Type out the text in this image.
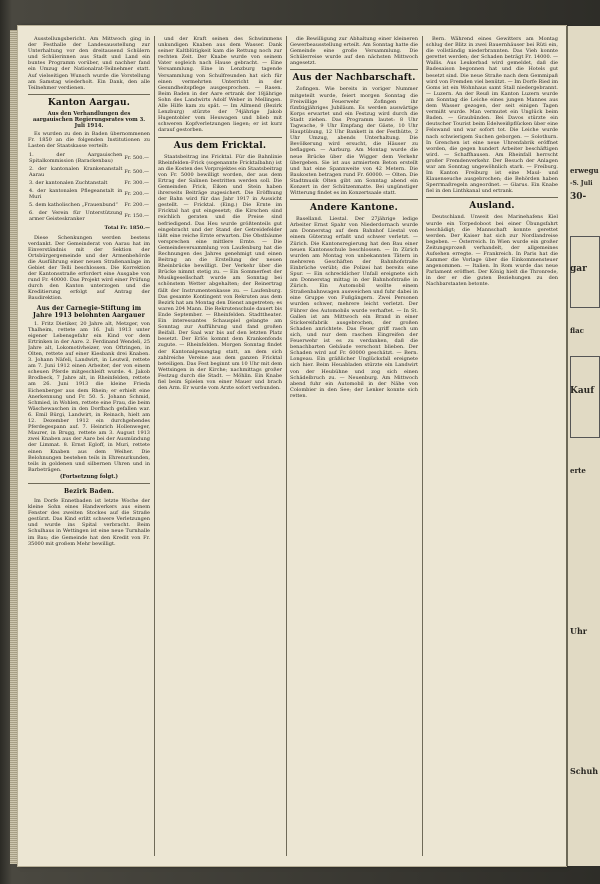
Ausstellungsbericht. Am Mittwoch ging in der Festhalle der Landesausstellung zur Unterhaltung vor den dreitausend Schülern und Schülerinnen aus Stadt und Land ein buntes Programm vorüber, und nachher fand ein Umzug der Nationalrat-Teilnehmer statt. Auf vielseitigen Wunsch wurde die Vorstellung am Samstag wiederholt. Ein Dank, den alle Teilnehmer verdienen.
Kanton Aargau.
Aus den Verhandlungen des aargauischen Regierungsrates vom 3. Juli 1914.
Es wurden zu den in Baden übernommenen Fr. 1850 an die folgenden Institutionen zu Lasten der Staatskasse verteilt:
1. der Aargauischen Spitalkommission (Barackenbau)	Fr. 500.—
2. der kantonalen Krankenanstalt Aarau	Fr. 500.—
3. der kantonalen Zuchtanstalt	Fr. 300.—
4. der kantonalen Pflegeanstalt in Muri	Fr. 200.—
5. dem katholischen „Frauenbund“	Fr. 200.—
6. der Verein für Unterstützung armer Geisteskranker	Fr. 150.—
Total Fr. 1850.—
Diese Schenkungen werden bestens verdankt. Der Gemeinderat von Aarau hat im Einverständnis mit der Sektion der Ortsbürgergemeinde und der Armenbehörde die Ausführung einer neuen Straßenanlage im Gebiet der Telli beschlossen. Die Korrektion der Kantonsstraße erfordert eine Ausgabe von rund Fr. 40000. Das Projekt wird einer Prüfung durch den Kanton unterzogen und die Kreditierung erfolgt auf Antrag der Baudirektion.
Aus der Carnegie-Stiftung im Jahre 1913 belohnten Aargauer
1. Fritz Dietiker, 20 Jahre alt, Metzger, von Thalheim, rettete am 16. Juli 1913 unter eigener Lebensgefahr ein Kind vor dem Ertrinken in der Aare. 2. Ferdinand Wendeli, 25 Jahre alt, Lokomotivheizer, von Oftringen, in Olten, rettete auf einer Kiesbank drei Knaben. 3. Johann Näfeli, Landwirt, in Leutwil, rettete am 7. Juni 1912 einen Arbeiter, der von einem scheuen Pferde mitgeschleift wurde. 4. Jakob Brodbeck, 7 Jahre alt, in Rheinfelden, rettete am 26. Juni 1913 die kleine Frieda Eichenberger aus dem Rhein; er erhielt eine Anerkennung und Fr. 50. 5. Johann Schmid, Schmied, in Wohlen, rettete eine Frau, die beim Wäschewaschen in den Dorfbach gefallen war. 6. Emil Bürgi, Landwirt, in Reinach, hielt am 12. Dezember 1912 ein durchgehendes Pferdegespann auf. 7. Heinrich Hollenweger, Maurer, in Brugg, rettete am 3. August 1913 zwei Knaben aus der Aare bei der Ausmündung der Limmat. 8. Ernst Egloff, in Muri, rettete einen Knaben aus dem Weiher. Die Belohnungen bestehen teils in Ehrenurkunden, teils in goldenen und silbernen Uhren und in Barbeträgen.
(Fortsetzung folgt.)
Bezirk Baden.
Im Dorfe Ennetbaden ist letzte Woche der kleine Sohn eines Handwerkers aus einem Fenster des zweiten Stockes auf die Straße gestürzt. Das Kind erlitt schwere Verletzungen und wurde ins Spital verbracht. Beim Schulhaus in Wettingen ist eine neue Turnhalle im Bau; die Gemeinde hat den Kredit von Fr. 35000 mit großem Mehr bewilligt.
und der Kraft seinen des Schwimmens unkundigen Knaben aus dem Wasser. Dank seiner Kaltblütigkeit kam die Rettung noch zur rechten Zeit. Der Knabe wurde von seinem Vater sogleich nach Hause gebracht. — Eine Versammlung. Eine in Lenzburg tagende Versammlung von Schulfreunden hat sich für einen vermehrten Unterricht in der Gesundheitspflege ausgesprochen. — Rasen. Beim Baden in der Aare ertrank der 18jährige Sohn des Landwirts Adolf Weber in Mellingen. Alle Hilfe kam zu spät. — Im Allmend (Bezirk Lenzburg) stürzte der 74jährige Jakob Hugentobler vom Heuwagen und blieb mit schweren Kopfverletzungen liegen; er ist kurz darauf gestorben.
Aus dem Fricktal.
Staatsbeitrag ins Fricktal. Für die Bahnlinie Rheinfelden–Frick (sogenannte Fricktalbahn) ist an die Kosten des Vorprojektes ein Staatsbeitrag von Fr. 5000 bewilligt worden, der aus dem Ertrag der Salinen bestritten werden soll. Die Gemeinden Frick, Eiken und Stein haben ihrerseits Beiträge zugesichert. Die Eröffnung der Bahn wird für das Jahr 1917 in Aussicht gestellt. — Fricktal. (Eing.) Die Ernte im Fricktal hat gut eingesetzt; die Kirschen sind reichlich geraten und die Preise sind befriedigend. Das Heu wurde größtenteils gut eingebracht und der Stand der Getreidefelder läßt eine reiche Ernte erwarten. Die Obstbäume versprechen eine mittlere Ernte. — Die Gemeindeversammlung von Laufenburg hat die Rechnungen des Jahres genehmigt und einen Beitrag an die Erstellung der neuen Rheinbrücke bewilligt. Der Verkehr über die Brücke nimmt stetig zu. — Ein Sommerfest der Musikgesellschaft wurde am Sonntag bei schönstem Wetter abgehalten; der Reinertrag fällt der Instrumentenkasse zu. — Laufenburg. Das gesamte Kontingent von Rekruten aus dem Bezirk hat am Montag den Dienst angetreten; es waren 204 Mann. Die Rekrutenschule dauert bis Ende September. — Rheinfelden. Stadttheater. Ein interessantes Schauspiel gelangte am Sonntag zur Aufführung und fand großen Beifall. Der Saal war bis auf den letzten Platz besetzt. Der Erlös kommt dem Krankenfonds zugute. — Rheinfelden. Morgen Sonntag findet der Kantonalgesangtag statt, an dem sich zahlreiche Vereine aus dem ganzen Fricktal beteiligen. Das Fest beginnt um 10 Uhr mit dem Wettsingen in der Kirche; nachmittags großer Festzug durch die Stadt. — Möhlin. Ein Knabe fiel beim Spielen von einer Mauer und brach den Arm. Er wurde vom Arzte sofort verbunden.
die Bewilligung zur Abhaltung einer kleineren Gewerbeausstellung erteilt. Am Sonntag hatte die Gemeinde eine große Versammlung. Die Schülerreise wurde auf den nächsten Mittwoch angesetzt.
Aus der Nachbarschaft.
Zofingen. Wie bereits in voriger Nummer mitgeteilt wurde, feiert morgen Sonntag die Freiwillige Feuerwehr Zofingen ihr fünfzigjähriges Jubiläum. Es werden auswärtige Korps erwartet und ein Festzug wird durch die Stadt ziehen. Das Programm lautet: 8 Uhr Tagwache, 9 Uhr Empfang der Gäste, 10 Uhr Hauptübung, 12 Uhr Bankett in der Festhütte, 2 Uhr Umzug, abends Unterhaltung. Die Bevölkerung wird ersucht, die Häuser zu beflaggen. — Aarburg. Am Montag wurde die neue Brücke über die Wigger dem Verkehr übergeben. Sie ist aus armiertem Beton erstellt und hat eine Spannweite von 42 Metern. Die Baukosten betragen rund Fr. 60000. — Olten. Die Stadtmusik Olten gibt am Sonntag abend ein Konzert in der Schützenmatte. Bei ungünstiger Witterung findet es im Konzertsaale statt.
Andere Kantone.
Baselland. Liestal. Der 27jährige ledige Arbeiter Ernst Spahr von Niederdornach wurde am Donnerstag auf dem Bahnhof Liestal von einem Güterzug erfaßt und schwer verletzt. — Zürich. Die Kantonsregierung hat den Bau einer neuen Kantonsschule beschlossen. — In Zürich wurden am Montag von unbekannten Tätern in mehreren Geschäften der Bahnhofstraße Einbrüche verübt; die Polizei hat bereits eine Spur. — Ein schrecklicher Unfall ereignete sich am Donnerstag mittag in der Bahnhofstraße in Zürich. Ein Automobil wollte einem Straßenbahnwagen ausweichen und fuhr dabei in eine Gruppe von Fußgängern. Zwei Personen wurden schwer, mehrere leicht verletzt. Der Führer des Automobils wurde verhaftet. — In St. Gallen ist am Mittwoch ein Brand in einer Stickereifabrik ausgebrochen, der großen Schaden anrichtete. Das Feuer griff rasch um sich, und nur dem raschen Eingreifen der Feuerwehr ist es zu verdanken, daß die benachbarten Gebäude verschont blieben. Der Schaden wird auf Fr. 60000 geschätzt. — Bern. Longeau. Ein gräßlicher Unglücksfall ereignete sich hier. Beim Heuabladen stürzte ein Landwirt von der Heubühne und zog sich einen Schädelbruch zu. — Neuenburg. Am Mittwoch abend fuhr ein Automobil in der Nähe von Colombier in den See; der Lenker konnte sich retten.
Bern. Während eines Gewitters am Montag schlug der Blitz in zwei Bauernhäuser bei Rüti ein, die vollständig niederbrannten. Das Vieh konnte gerettet werden; der Schaden beträgt Fr. 14000. — Wallis. Aus Leukerbad wird gemeldet, daß die Badesaison begonnen hat und die Hotels gut besetzt sind. Die neue Straße nach dem Gemmipaß wird von Fremden viel benützt. — Im Dorfe Ried im Goms ist ein Wohnhaus samt Stall niedergebrannt. — Luzern. An der Reuß im Kanton Luzern wurde am Sonntag die Leiche eines jungen Mannes aus dem Wasser gezogen, der seit einigen Tagen vermißt wurde. Man vermutet ein Unglück beim Baden. — Graubünden. Bei Davos stürzte ein deutscher Tourist beim Edelweißpflücken über eine Felswand und war sofort tot. Die Leiche wurde nach schwierigem Suchen geborgen. — Solothurn. In Grenchen ist eine neue Uhrenfabrik eröffnet worden, die gegen hundert Arbeiter beschäftigen wird. — Schaffhausen. Am Rheinfall herrscht großer Fremdenverkehr. Der Besuch der Anlagen war am Sonntag ungewöhnlich stark. — Freiburg. Im Kanton Freiburg ist eine Maul- und Klauenseuche ausgebrochen; die Behörden haben Sperrmaßregeln angeordnet. — Glarus. Ein Knabe fiel in den Linthkanal und ertrank.
Ausland.
Deutschland. Unweit des Marinehafens Kiel wurde ein Torpedoboot bei einer Übungsfahrt beschädigt; die Mannschaft konnte gerettet werden. Der Kaiser hat sich zur Nordlandreise begeben. — Österreich. In Wien wurde ein großer Zeitungsprozeß verhandelt, der allgemeines Aufsehen erregte. — Frankreich. In Paris hat die Kammer die Vorlage über die Einkommensteuer angenommen. — Italien. In Rom wurde das neue Parlament eröffnet. Der König hielt die Thronrede, in der er die guten Beziehungen zu den Nachbarstaaten betonte.
erwegu
-S. Juli
30-
gar
flac
Kauf
erte
Uhr
Schuh
